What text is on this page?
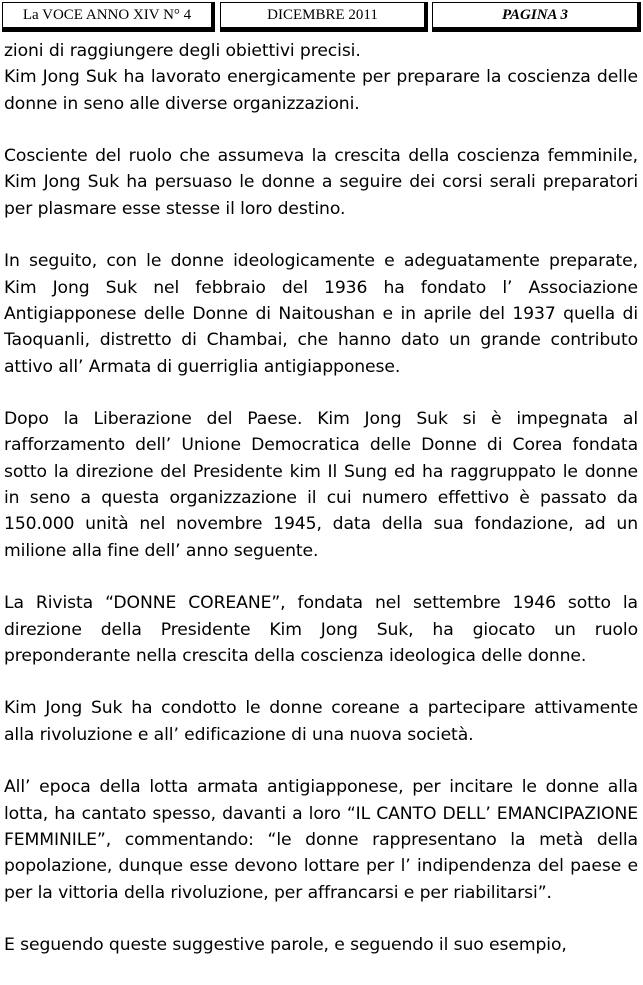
La VOCE ANNO XIV N° 4	DICEMBRE 2011	PAGINA 3

zioni di raggiungere degli obiettivi precisi.

Kim Jong Suk ha lavorato energicamente per preparare la coscienza delle donne in seno alle diverse organizzazioni.

Cosciente del ruolo che assumeva la crescita della coscienza femminile, Kim Jong Suk ha persuaso le donne a seguire dei corsi serali preparatori per plasmare esse stesse il loro destino.

In seguito, con le donne ideologicamente e adeguatamente preparate, Kim Jong Suk nel febbraio del 1936 ha fondato l’ Associazione Antigiapponese delle Donne di Naitoushan e in aprile del 1937 quella di Taoquanli, distretto di Chambai, che hanno dato un grande contributo attivo all’ Armata di guerriglia antigiapponese.

Dopo la Liberazione del Paese. Kim Jong Suk si è impegnata al rafforzamento dell’ Unione Democratica delle Donne di Corea fondata sotto la direzione del Presidente kim Il Sung ed ha raggruppato le donne in seno a questa organizzazione il cui numero effettivo è passato da 150.000 unità nel novembre 1945, data della sua fondazione, ad un milione alla fine dell’ anno seguente.

La Rivista “DONNE COREANE”, fondata nel settembre 1946 sotto la direzione della Presidente Kim Jong Suk, ha giocato un ruolo preponderante nella crescita della coscienza ideologica delle donne.

Kim Jong Suk ha condotto le donne coreane a partecipare attivamente alla rivoluzione e all’ edificazione di una nuova società.

All’ epoca della lotta armata antigiapponese, per incitare le donne alla lotta, ha cantato spesso, davanti a loro “IL CANTO DELL’ EMANCIPAZIONE FEMMINILE”, commentando: “le donne rappresentano la metà della popolazione, dunque esse devono lottare per l’ indipendenza del paese e per la vittoria della rivoluzione, per affrancarsi e per riabilitarsi”.

E seguendo queste suggestive parole, e seguendo il suo esempio,
